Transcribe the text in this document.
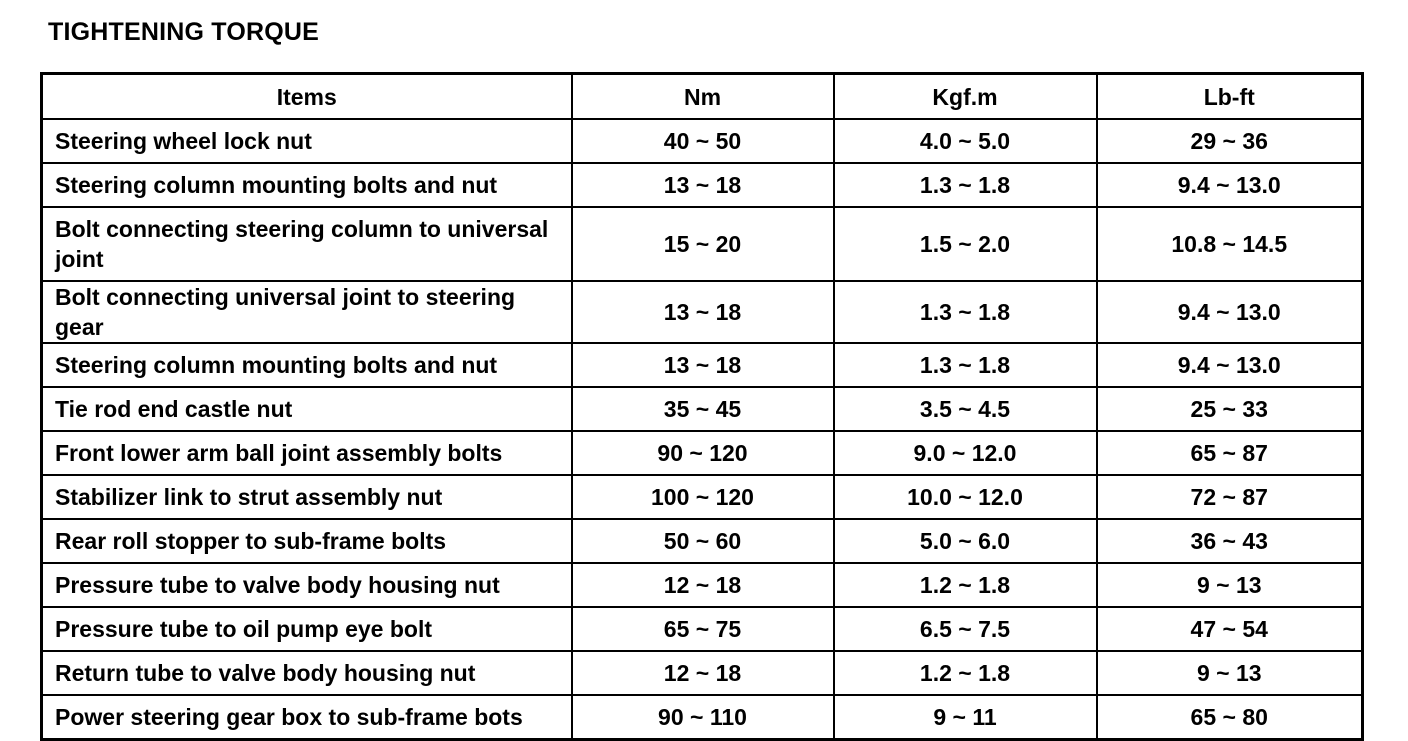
TIGHTENING TORQUE
Items	Nm	Kgf.m	Lb-ft
Steering wheel lock nut	40 ~ 50	4.0 ~ 5.0	29 ~ 36
Steering column mounting bolts and nut	13 ~ 18	1.3 ~ 1.8	9.4 ~ 13.0
Bolt connecting steering column to universal joint	15 ~ 20	1.5 ~ 2.0	10.8 ~ 14.5
Bolt connecting universal joint to steering gear	13 ~ 18	1.3 ~ 1.8	9.4 ~ 13.0
Steering column mounting bolts and nut	13 ~ 18	1.3 ~ 1.8	9.4 ~ 13.0
Tie rod end castle nut	35 ~ 45	3.5 ~ 4.5	25 ~ 33
Front lower arm ball joint assembly bolts	90 ~ 120	9.0 ~ 12.0	65 ~ 87
Stabilizer link to strut assembly nut	100 ~ 120	10.0 ~ 12.0	72 ~ 87
Rear roll stopper to sub-frame bolts	50 ~ 60	5.0 ~ 6.0	36 ~ 43
Pressure tube to valve body housing nut	12 ~ 18	1.2 ~ 1.8	9 ~ 13
Pressure tube to oil pump eye bolt	65 ~ 75	6.5 ~ 7.5	47 ~ 54
Return tube to valve body housing nut	12 ~ 18	1.2 ~ 1.8	9 ~ 13
Power steering gear box to sub-frame bots	90 ~ 110	9 ~ 11	65 ~ 80
